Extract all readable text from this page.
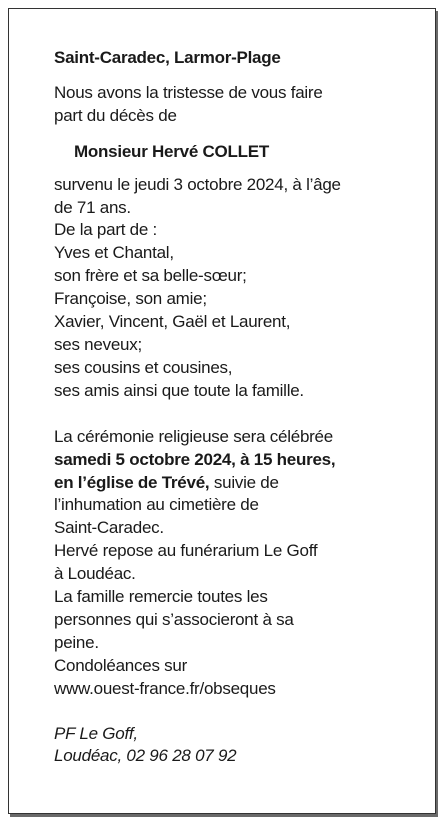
Saint-Caradec, Larmor-Plage
Nous avons la tristesse de vous faire
part du décès de
Monsieur Hervé COLLET
survenu le jeudi 3 octobre 2024, à l’âge
de 71 ans.
De la part de :
Yves et Chantal,
son frère et sa belle-sœur;
Françoise, son amie;
Xavier, Vincent, Gaël et Laurent,
ses neveux;
ses cousins et cousines,
ses amis ainsi que toute la famille.
La cérémonie religieuse sera célébrée
samedi 5 octobre 2024, à 15 heures,
en l’église de Trévé, suivie de
l’inhumation au cimetière de
Saint-Caradec.
Hervé repose au funérarium Le Goff
à Loudéac.
La famille remercie toutes les
personnes qui s’associeront à sa
peine.
Condoléances sur
www.ouest-france.fr/obseques
PF Le Goff,
Loudéac, 02 96 28 07 92
